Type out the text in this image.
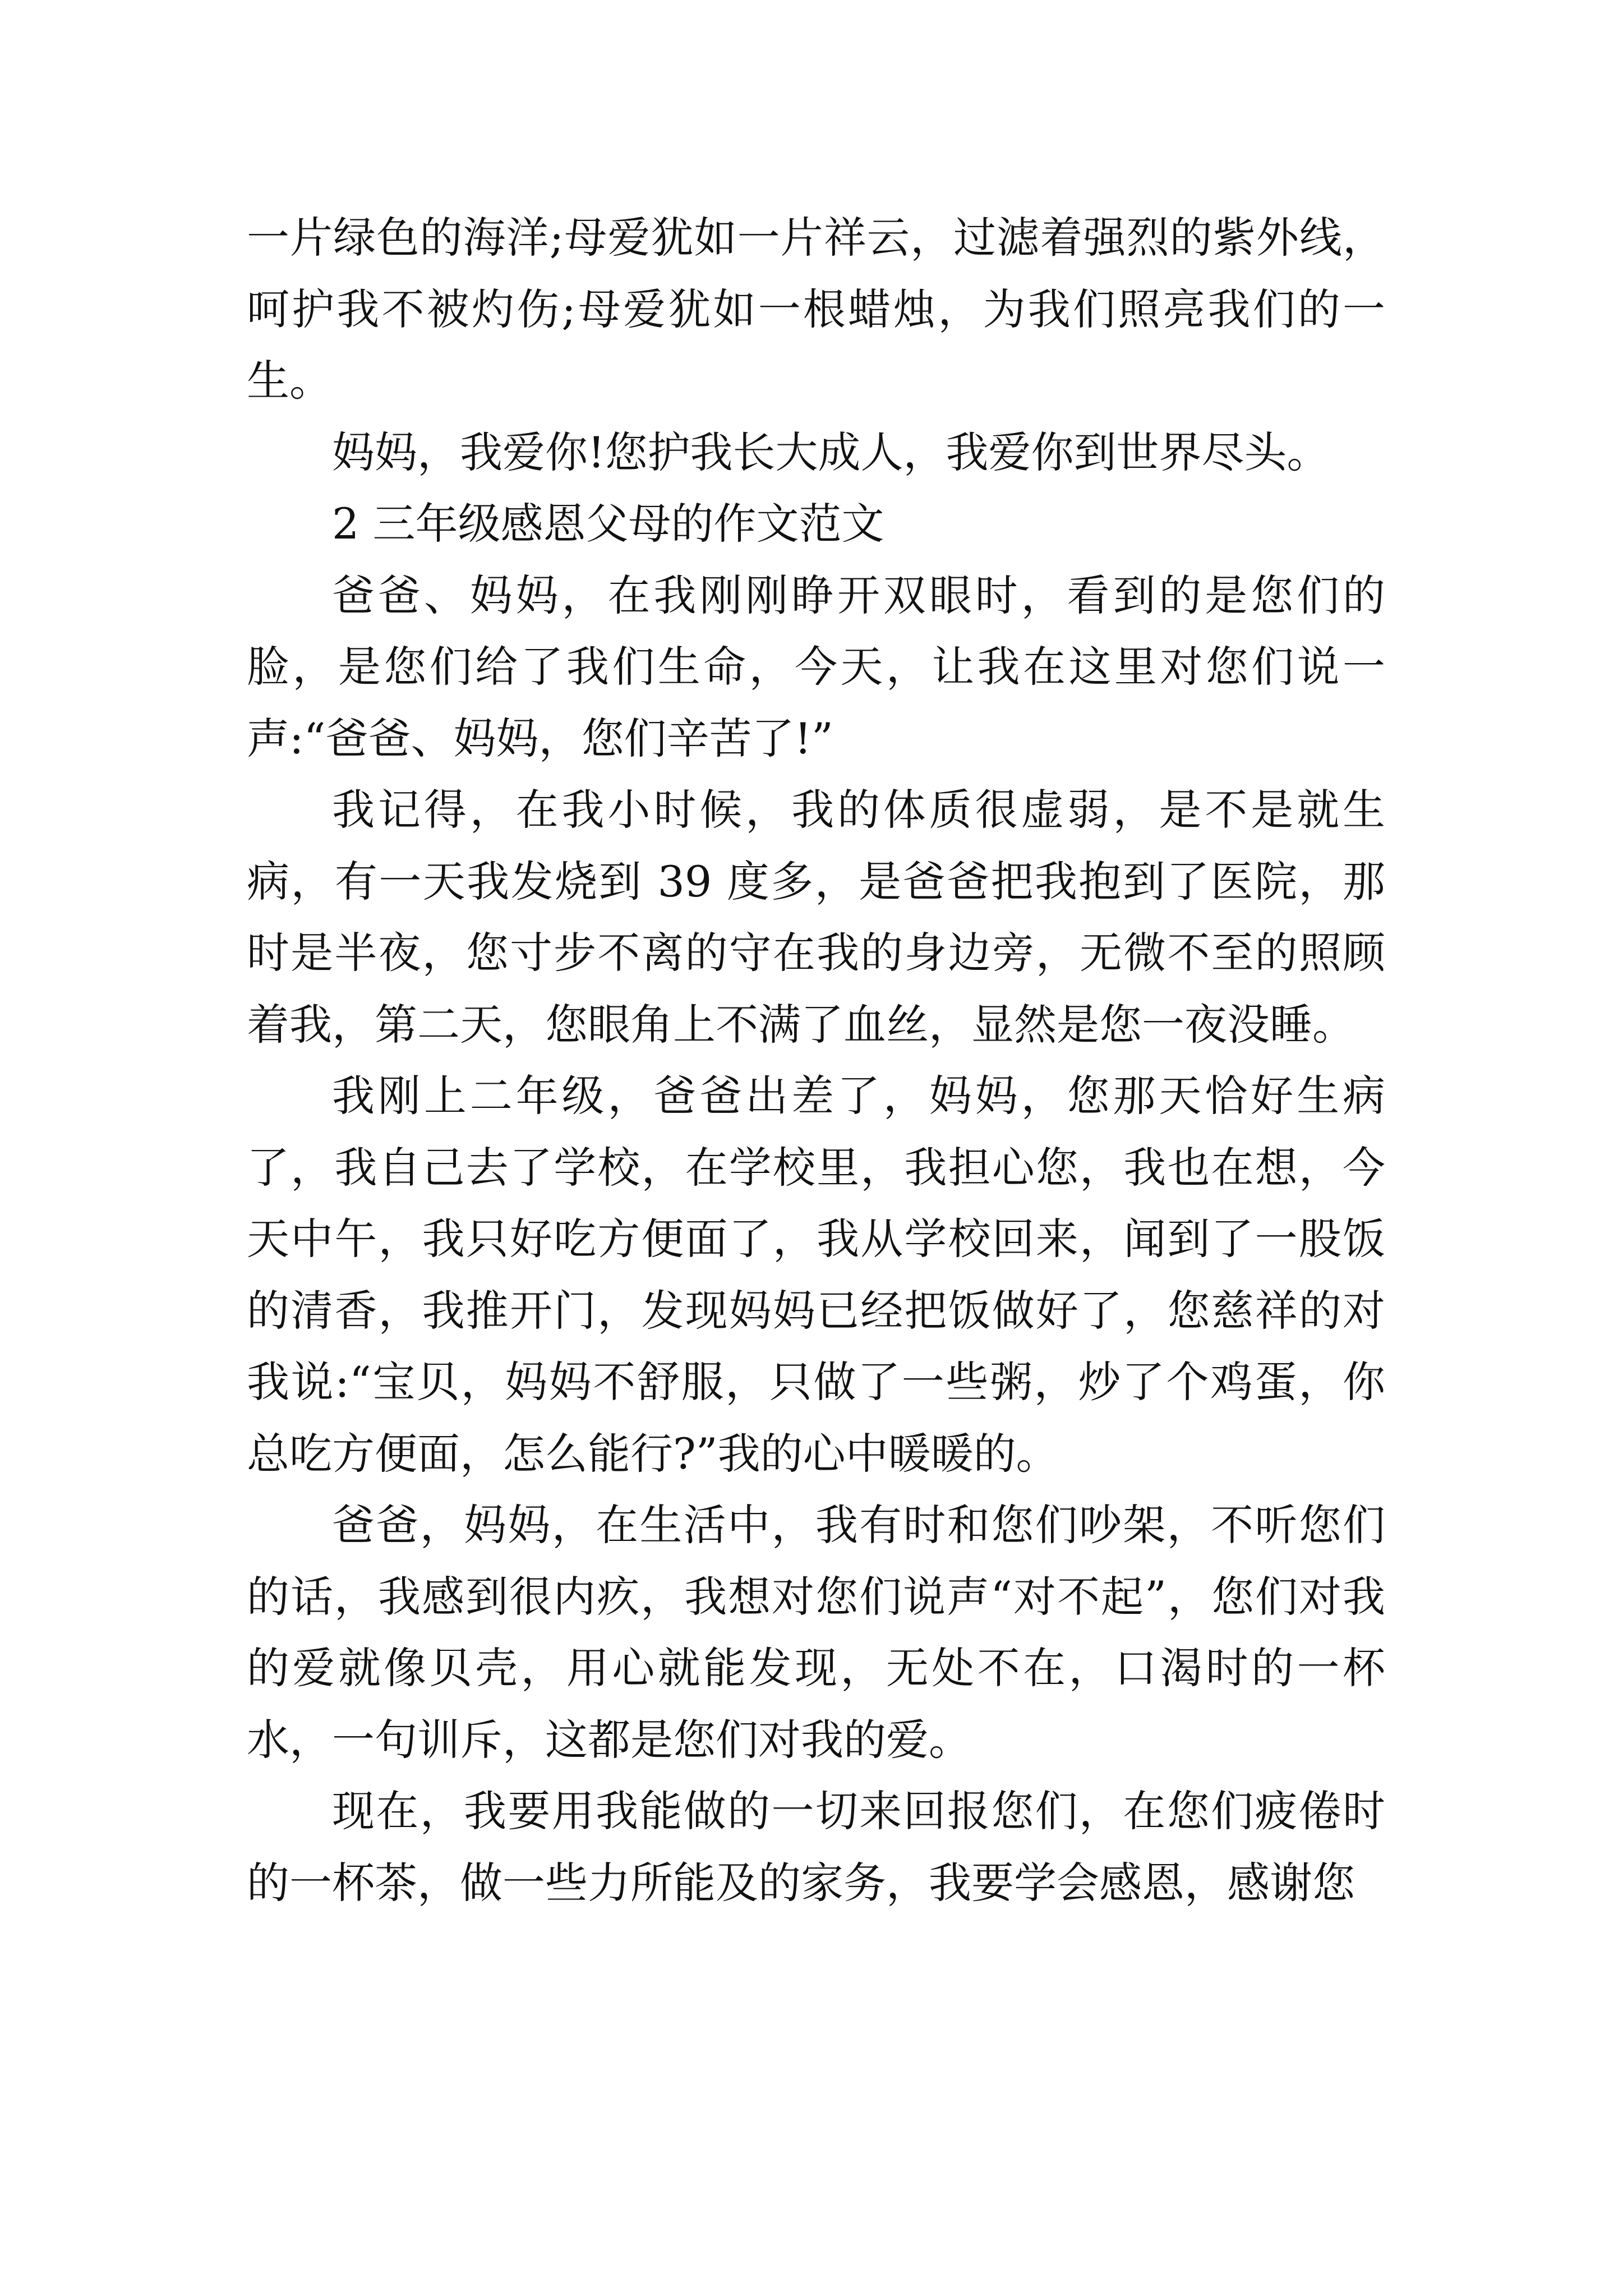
一片绿色的海洋;母爱犹如一片祥云，过滤着强烈的紫外线，呵护我不被灼伤;母爱犹如一根蜡烛，为我们照亮我们的一生。

妈妈，我爱你!您护我长大成人，我爱你到世界尽头。

2 三年级感恩父母的作文范文

爸爸、妈妈，在我刚刚睁开双眼时，看到的是您们的脸，是您们给了我们生命，今天，让我在这里对您们说一声:“爸爸、妈妈，您们辛苦了!”

我记得，在我小时候，我的体质很虚弱，是不是就生病，有一天我发烧到 39 度多，是爸爸把我抱到了医院，那时是半夜，您寸步不离的守在我的身边旁，无微不至的照顾着我，第二天，您眼角上不满了血丝，显然是您一夜没睡。

我刚上二年级，爸爸出差了，妈妈，您那天恰好生病了，我自己去了学校，在学校里，我担心您，我也在想，今天中午，我只好吃方便面了，我从学校回来，闻到了一股饭的清香，我推开门，发现妈妈已经把饭做好了，您慈祥的对我说:“宝贝，妈妈不舒服，只做了一些粥，炒了个鸡蛋，你总吃方便面，怎么能行?”我的心中暖暖的。

爸爸，妈妈，在生活中，我有时和您们吵架，不听您们的话，我感到很内疚，我想对您们说声“对不起”，您们对我的爱就像贝壳，用心就能发现，无处不在，口渴时的一杯水，一句训斥，这都是您们对我的爱。

现在，我要用我能做的一切来回报您们，在您们疲倦时的一杯茶，做一些力所能及的家务，我要学会感恩，感谢您
